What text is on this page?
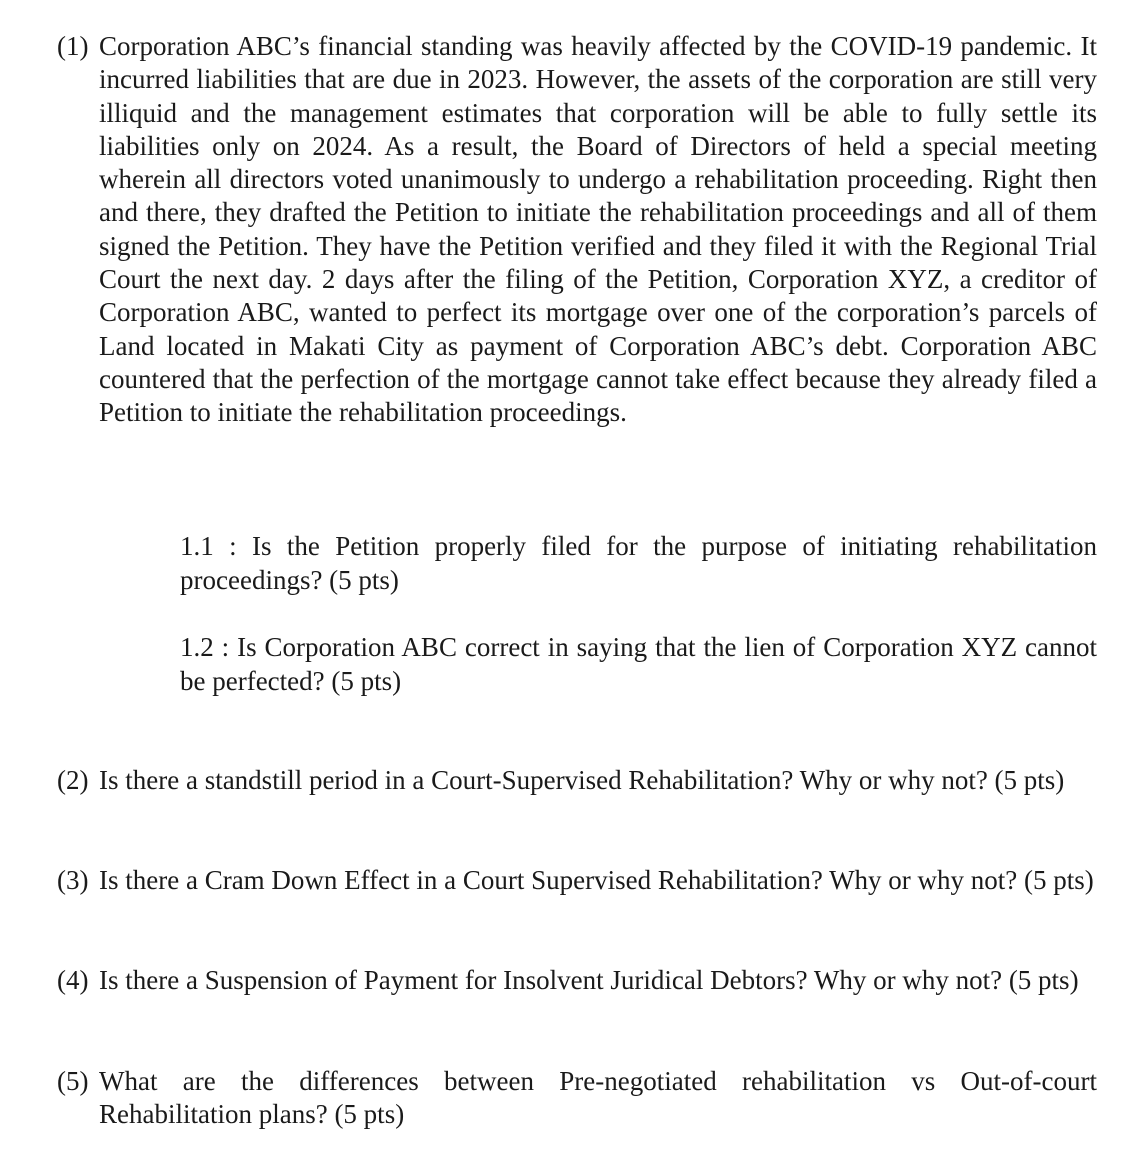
(1) Corporation ABC’s financial standing was heavily affected by the COVID-19 pandemic. It incurred liabilities that are due in 2023. However, the assets of the corporation are still very illiquid and the management estimates that corporation will be able to fully settle its liabilities only on 2024. As a result, the Board of Directors of held a special meeting wherein all directors voted unanimously to undergo a rehabilitation proceeding. Right then and there, they drafted the Petition to initiate the rehabilitation proceedings and all of them signed the Petition. They have the Petition verified and they filed it with the Regional Trial Court the next day. 2 days after the filing of the Petition, Corporation XYZ, a creditor of Corporation ABC, wanted to perfect its mortgage over one of the corporation’s parcels of Land located in Makati City as payment of Corporation ABC’s debt. Corporation ABC countered that the perfection of the mortgage cannot take effect because they already filed a Petition to initiate the rehabilitation proceedings.
1.1 : Is the Petition properly filed for the purpose of initiating rehabilitation proceedings? (5 pts)
1.2 : Is Corporation ABC correct in saying that the lien of Corporation XYZ cannot be perfected? (5 pts)
(2) Is there a standstill period in a Court-Supervised Rehabilitation? Why or why not? (5 pts)
(3) Is there a Cram Down Effect in a Court Supervised Rehabilitation? Why or why not? (5 pts)
(4) Is there a Suspension of Payment for Insolvent Juridical Debtors? Why or why not? (5 pts)
(5) What are the differences between Pre-negotiated rehabilitation vs Out-of-court Rehabilitation plans? (5 pts)
